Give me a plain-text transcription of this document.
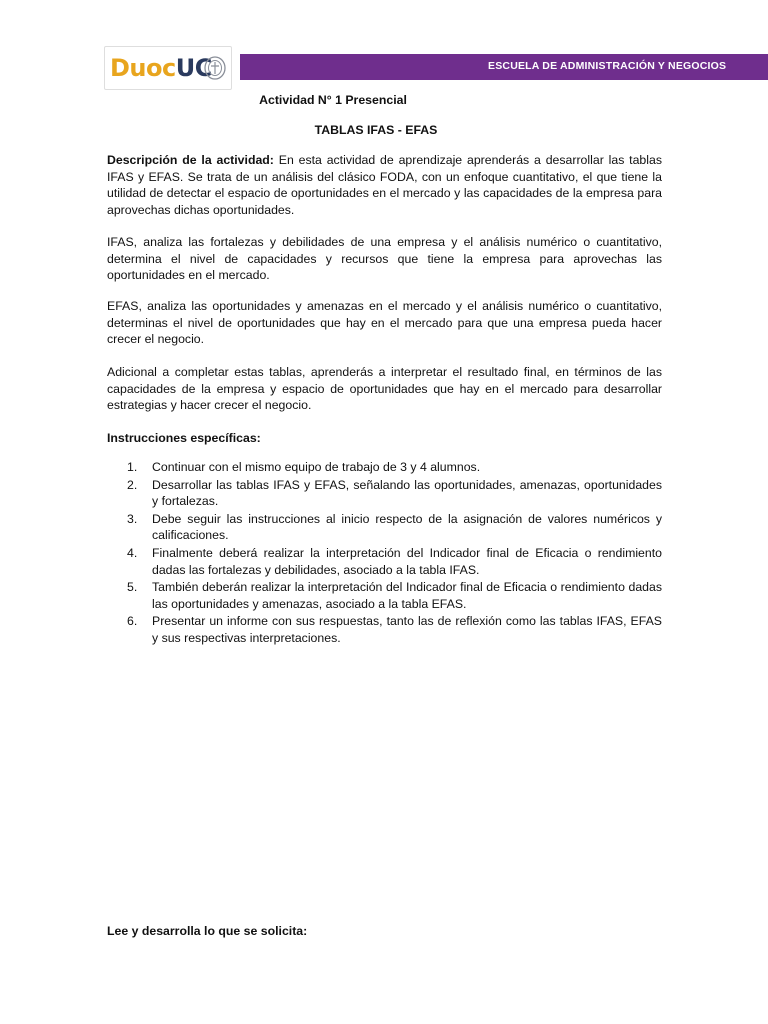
DuocUC	ESCUELA DE ADMINISTRACIÓN Y NEGOCIOS

Actividad N° 1 Presencial

TABLAS IFAS - EFAS

Descripción de la actividad: En esta actividad de aprendizaje aprenderás a desarrollar las tablas IFAS y EFAS. Se trata de un análisis del clásico FODA, con un enfoque cuantitativo, el que tiene la utilidad de detectar el espacio de oportunidades en el mercado y las capacidades de la empresa para aprovechas dichas oportunidades.

IFAS, analiza las fortalezas y debilidades de una empresa y el análisis numérico o cuantitativo, determina el nivel de capacidades y recursos que tiene la empresa para aprovechas las oportunidades en el mercado.

EFAS, analiza las oportunidades y amenazas en el mercado y el análisis numérico o cuantitativo, determinas el nivel de oportunidades que hay en el mercado para que una empresa pueda hacer crecer el negocio.

Adicional a completar estas tablas, aprenderás a interpretar el resultado final, en términos de las capacidades de la empresa y espacio de oportunidades que hay en el mercado para desarrollar estrategias y hacer crecer el negocio.

Instrucciones específicas:

1. Continuar con el mismo equipo de trabajo de 3 y 4 alumnos.
2. Desarrollar las tablas IFAS y EFAS, señalando las oportunidades, amenazas, oportunidades y fortalezas.
3. Debe seguir las instrucciones al inicio respecto de la asignación de valores numéricos y calificaciones.
4. Finalmente deberá realizar la interpretación del Indicador final de Eficacia o rendimiento dadas las fortalezas y debilidades, asociado a la tabla IFAS.
5. También deberán realizar la interpretación del Indicador final de Eficacia o rendimiento dadas las oportunidades y amenazas, asociado a la tabla EFAS.
6. Presentar un informe con sus respuestas, tanto las de reflexión como las tablas IFAS, EFAS y sus respectivas interpretaciones.
Lee y desarrolla lo que se solicita:
